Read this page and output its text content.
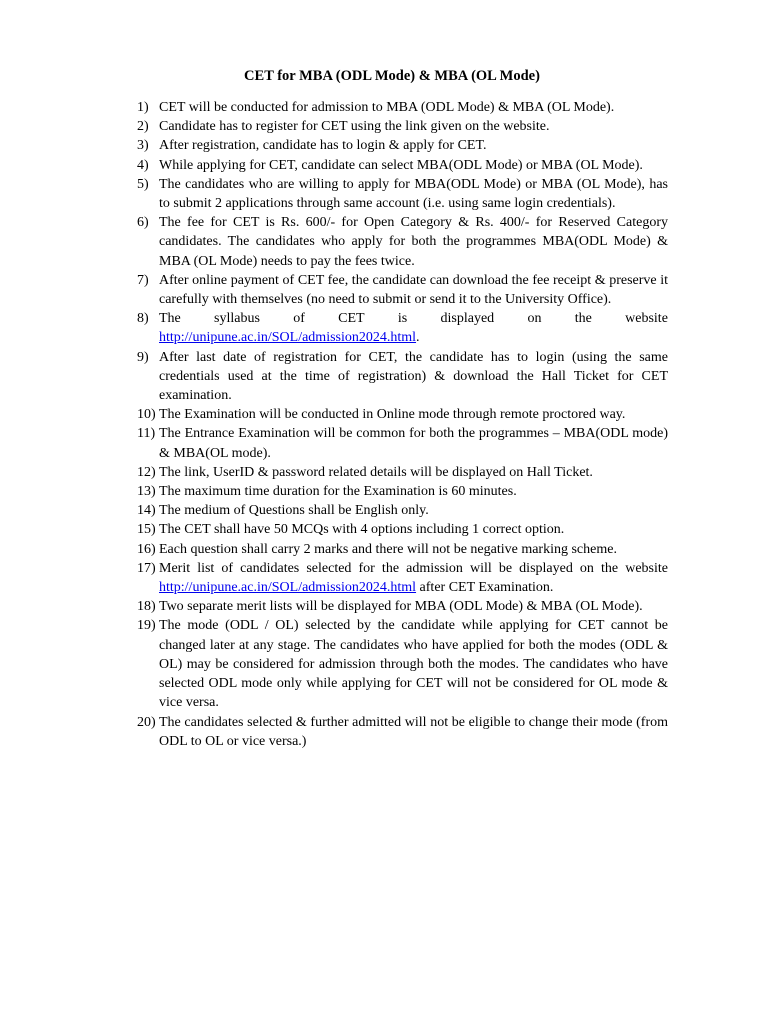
CET for MBA (ODL Mode) & MBA (OL Mode)
1) CET will be conducted for admission to MBA (ODL Mode) & MBA (OL Mode).
2) Candidate has to register for CET using the link given on the website.
3) After registration, candidate has to login & apply for CET.
4) While applying for CET, candidate can select MBA(ODL Mode) or MBA (OL Mode).
5) The candidates who are willing to apply for MBA(ODL Mode) or MBA (OL Mode), has to submit 2 applications through same account (i.e. using same login credentials).
6) The fee for CET is Rs. 600/- for Open Category & Rs. 400/- for Reserved Category candidates. The candidates who apply for both the programmes MBA(ODL Mode) & MBA (OL Mode) needs to pay the fees twice.
7) After online payment of CET fee, the candidate can download the fee receipt & preserve it carefully with themselves (no need to submit or send it to the University Office).
8) The syllabus of CET is displayed on the website
http://unipune.ac.in/SOL/admission2024.html.
9) After last date of registration for CET, the candidate has to login (using the same credentials used at the time of registration) & download the Hall Ticket for CET examination.
10) The Examination will be conducted in Online mode through remote proctored way.
11) The Entrance Examination will be common for both the programmes – MBA(ODL mode) & MBA(OL mode).
12) The link, UserID & password related details will be displayed on Hall Ticket.
13) The maximum time duration for the Examination is 60 minutes.
14) The medium of Questions shall be English only.
15) The CET shall have 50 MCQs with 4 options including 1 correct option.
16) Each question shall carry 2 marks and there will not be negative marking scheme.
17) Merit list of candidates selected for the admission will be displayed on the website http://unipune.ac.in/SOL/admission2024.html after CET Examination.
18) Two separate merit lists will be displayed for MBA (ODL Mode) & MBA (OL Mode).
19) The mode (ODL / OL) selected by the candidate while applying for CET cannot be changed later at any stage. The candidates who have applied for both the modes (ODL & OL) may be considered for admission through both the modes. The candidates who have selected ODL mode only while applying for CET will not be considered for OL mode & vice versa.
20) The candidates selected & further admitted will not be eligible to change their mode (from ODL to OL or vice versa.)
